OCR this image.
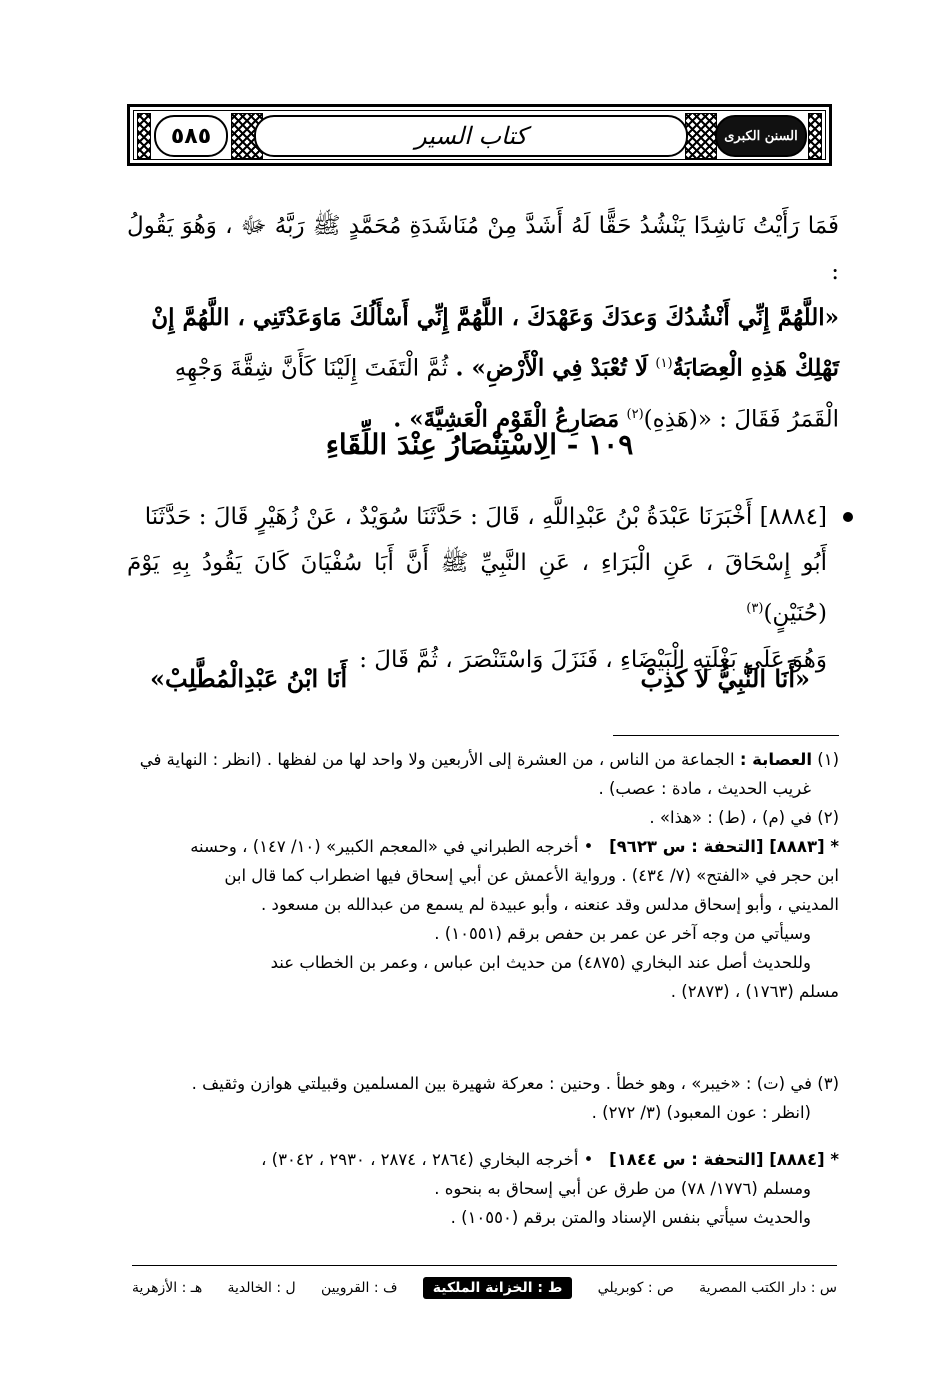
٥٨٥	كتاب السير	السنن الكبرى
فَمَا رَأَيْتُ نَاشِدًا يَنْشُدُ حَقًّا لَهُ أَشَدَّ مِنْ مُنَاشَدَةِ مُحَمَّدٍ ﷺ رَبَّهُ ﷻ ، وَهُوَ يَقُولُ :
«اللَّهُمَّ إِنِّي أَنْشُدُكَ وَعدَكَ وَعَهْدَكَ ، اللَّهُمَّ إِنِّي أَسْأَلُكَ مَاوَعَدْتَنِي ، اللَّهُمَّ إِنْ
تَهْلِكْ هَذِهِ الْعِصَابَةُ$^{(١)}$ لَا تُعْبَدْ فِي الْأَرْضِ» . ثُمَّ الْتَفَتَ إِلَيْنَا كَأَنَّ شِقَّةَ وَجْهِهِ
الْقَمَرُ فَقَالَ : «(هَذِهِ)$^{(٢)}$ مَصَارِعُ الْقَوْمِ الْعَشِيَّةَ» .
١٠٩ - الِاسْتِنْصَارُ عِنْدَ اللِّقَاءِ
[٨٨٨٤] أَخْبَرَنَا عَبْدَةُ بْنُ عَبْدِاللَّهِ ، قَالَ : حَدَّثَنَا سُوَيْدٌ ، عَنْ زُهَيْرٍ قَالَ : حَدَّثَنَا
أَبُو إِسْحَاقَ ، عَنِ الْبَرَاءِ ، عَنِ النَّبِيِّ ﷺ أَنَّ أَبَا سُفْيَانَ كَانَ يَقُودُ بِهِ يَوْمَ (حُنَيْنٍ)$^{(٣)}$
وَهُوَ عَلَى بَغْلَتِهِ الْبَيْضَاءِ ، فَنَزَلَ وَاسْتَنْصَرَ ، ثُمَّ قَالَ :
«أَنَا النَّبِيُّ لَا كَذِبْ
أَنَا ابْنُ عَبْدِالْمُطَّلِبْ»
(١) العصابة : الجماعة من الناس ، من العشرة إلى الأربعين ولا واحد لها من لفظها . (انظر : النهاية في
غريب الحديث ، مادة : عصب) .
(٢) في (م) ، (ط) : «هذا» .
* [٨٨٨٣] [التحفة : س ٩٦٢٣]   • أخرجه الطبراني في «المعجم الكبير» (١٠/ ١٤٧) ، وحسنه
ابن حجر في «الفتح» (٧/ ٤٣٤) . ورواية الأعمش عن أبي إسحاق فيها اضطراب كما قال ابن
المديني ، وأبو إسحاق مدلس وقد عنعنه ، وأبو عبيدة لم يسمع من عبدالله بن مسعود .
وسيأتي من وجه آخر عن عمر بن حفص برقم (١٠٥٥١) .
وللحديث أصل عند البخاري (٤٨٧٥) من حديث ابن عباس ، وعمر بن الخطاب عند
مسلم (١٧٦٣) ، (٢٨٧٣) .
(٣) في (ت) : «خيبر» ، وهو خطأ . وحنين : معركة شهيرة بين المسلمين وقبيلتي هوازن وثقيف .
(انظر : عون المعبود) (٣/ ٢٧٢) .
* [٨٨٨٤] [التحفة : س ١٨٤٤]   • أخرجه البخاري (٢٨٦٤ ، ٢٨٧٤ ، ٢٩٣٠ ، ٣٠٤٢) ،
ومسلم (١٧٧٦/ ٧٨) من طرق عن أبي إسحاق به بنحوه .
والحديث سيأتي بنفس الإسناد والمتن برقم (١٠٥٥٠) .
س : دار الكتب المصرية
ص : كوبريلي
ط : الخزانة الملكية
ف : القرويين
ل : الخالدية
هـ : الأزهرية
